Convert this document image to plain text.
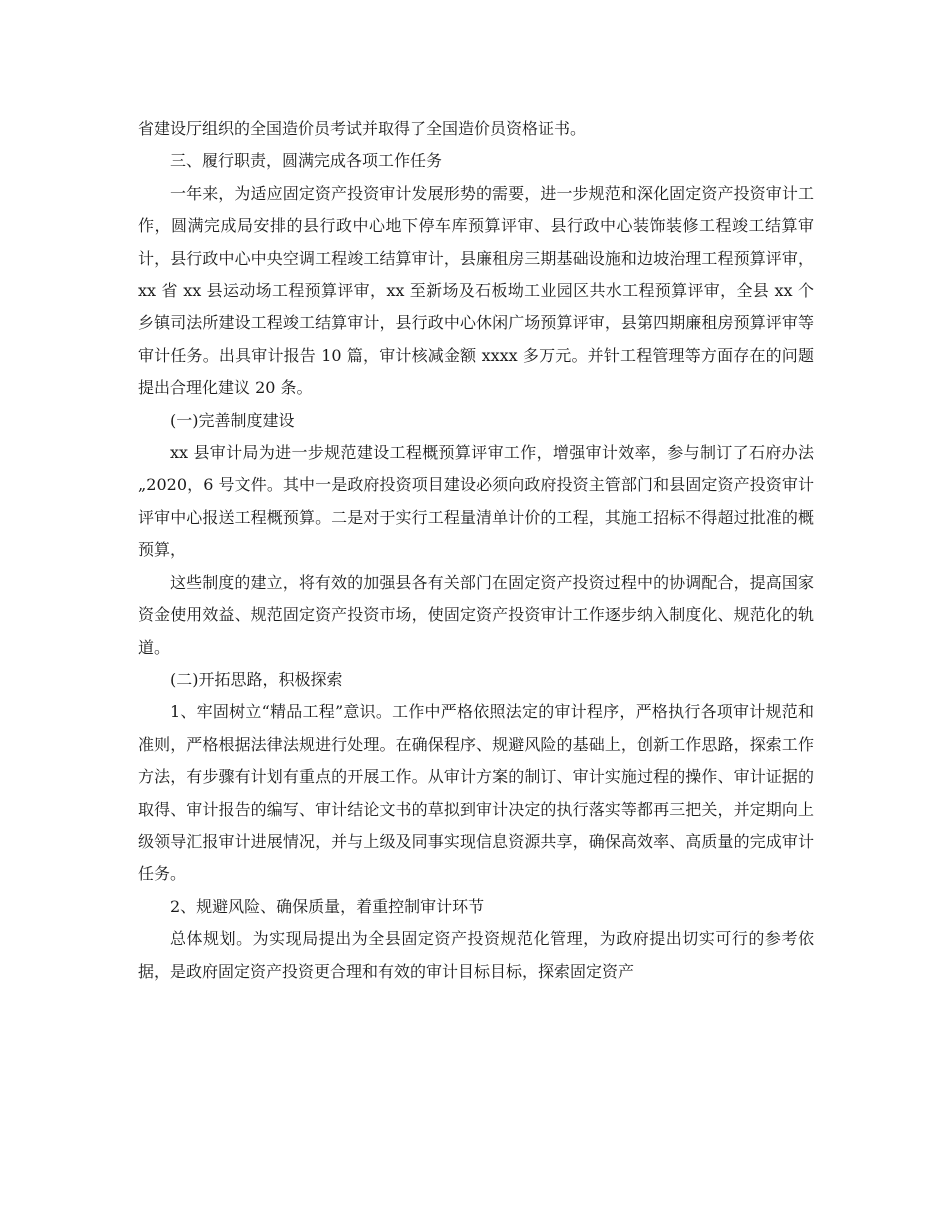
省建设厅组织的全国造价员考试并取得了全国造价员资格证书。

三、履行职责，圆满完成各项工作任务

一年来，为适应固定资产投资审计发展形势的需要，进一步规范和深化固定资产投资审计工作，圆满完成局安排的县行政中心地下停车库预算评审、县行政中心装饰装修工程竣工结算审计，县行政中心中央空调工程竣工结算审计，县廉租房三期基础设施和边坡治理工程预算评审，xx 省 xx 县运动场工程预算评审，xx 至新场及石板坳工业园区共水工程预算评审，全县 xx 个乡镇司法所建设工程竣工结算审计，县行政中心休闲广场预算评审，县第四期廉租房预算评审等审计任务。出具审计报告 10 篇，审计核减金额 xxxx 多万元。并针工程管理等方面存在的问题提出合理化建议 20 条。

(一)完善制度建设

xx 县审计局为进一步规范建设工程概预算评审工作，增强审计效率，参与制订了石府办法„2020，6 号文件。其中一是政府投资项目建设必须向政府投资主管部门和县固定资产投资审计评审中心报送工程概预算。二是对于实行工程量清单计价的工程，其施工招标不得超过批准的概预算，

这些制度的建立，将有效的加强县各有关部门在固定资产投资过程中的协调配合，提高国家资金使用效益、规范固定资产投资市场，使固定资产投资审计工作逐步纳入制度化、规范化的轨道。

(二)开拓思路，积极探索

1、牢固树立“精品工程”意识。工作中严格依照法定的审计程序，严格执行各项审计规范和准则，严格根据法律法规进行处理。在确保程序、规避风险的基础上，创新工作思路，探索工作方法，有步骤有计划有重点的开展工作。从审计方案的制订、审计实施过程的操作、审计证据的取得、审计报告的编写、审计结论文书的草拟到审计决定的执行落实等都再三把关，并定期向上级领导汇报审计进展情况，并与上级及同事实现信息资源共享，确保高效率、高质量的完成审计任务。

2、规避风险、确保质量，着重控制审计环节

总体规划。为实现局提出为全县固定资产投资规范化管理，为政府提出切实可行的参考依据，是政府固定资产投资更合理和有效的审计目标目标，探索固定资产
